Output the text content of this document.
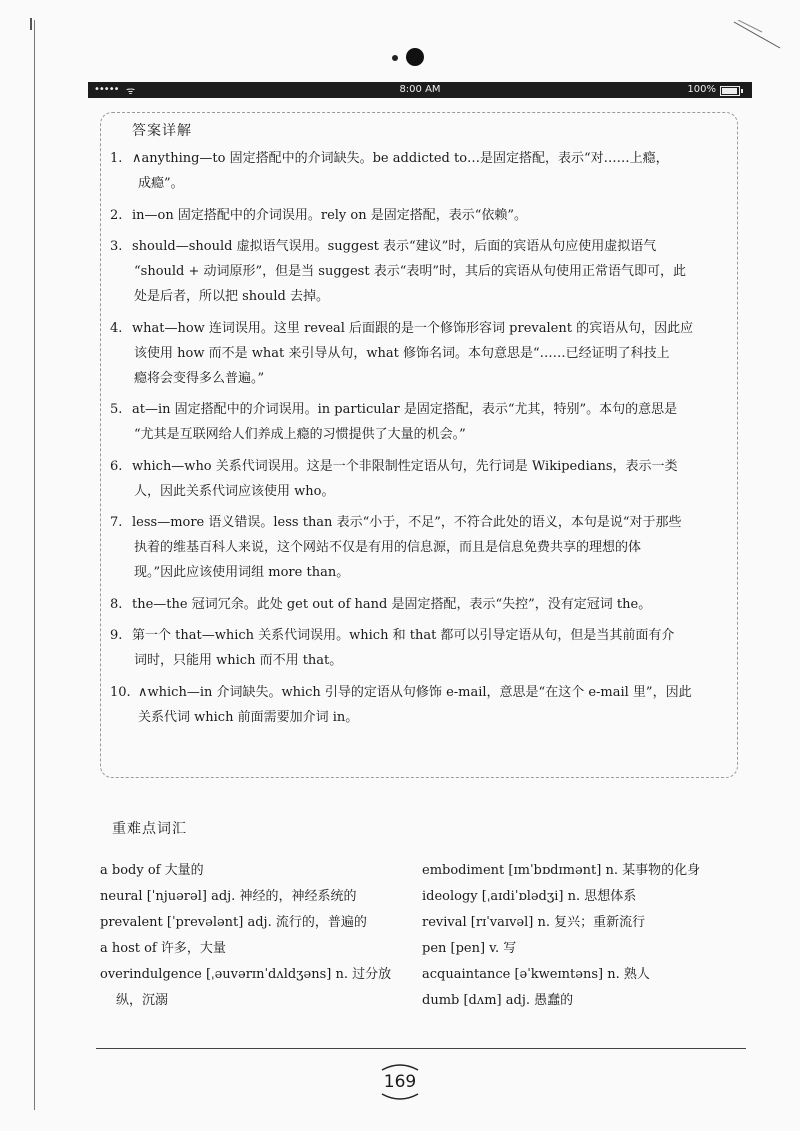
••••• ᯤ	8:00 AM	100%
答案详解
1. ∧anything—to 固定搭配中的介词缺失。be addicted to…是固定搭配，表示“对……上瘾，
成瘾”。
2. in—on 固定搭配中的介词误用。rely on 是固定搭配，表示“依赖”。
3. should—should 虚拟语气误用。suggest 表示“建议”时，后面的宾语从句应使用虚拟语气
“should + 动词原形”，但是当 suggest 表示“表明”时，其后的宾语从句使用正常语气即可，此
处是后者，所以把 should 去掉。
4. what—how 连词误用。这里 reveal 后面跟的是一个修饰形容词 prevalent 的宾语从句，因此应
该使用 how 而不是 what 来引导从句，what 修饰名词。本句意思是“……已经证明了科技上
瘾将会变得多么普遍。”
5. at—in 固定搭配中的介词误用。in particular 是固定搭配，表示“尤其，特别”。本句的意思是
“尤其是互联网给人们养成上瘾的习惯提供了大量的机会。”
6. which—who 关系代词误用。这是一个非限制性定语从句，先行词是 Wikipedians，表示一类
人，因此关系代词应该使用 who。
7. less—more 语义错误。less than 表示“小于，不足”，不符合此处的语义，本句是说“对于那些
执着的维基百科人来说，这个网站不仅是有用的信息源，而且是信息免费共享的理想的体
现。”因此应该使用词组 more than。
8. the—the 冠词冗余。此处 get out of hand 是固定搭配，表示“失控”，没有定冠词 the。
9. 第一个 that—which 关系代词误用。which 和 that 都可以引导定语从句，但是当其前面有介
词时，只能用 which 而不用 that。
10. ∧which—in 介词缺失。which 引导的定语从句修饰 e-mail，意思是“在这个 e-mail 里”，因此
关系代词 which 前面需要加介词 in。
重难点词汇
a body of 大量的
neural [ˈnjuərəl] adj. 神经的，神经系统的
prevalent [ˈprevələnt] adj. 流行的，普遍的
a host of 许多，大量
overindulgence [ˌəuvərɪnˈdʌldʒəns] n. 过分放
纵，沉溺
embodiment [ɪmˈbɒdɪmənt] n. 某事物的化身
ideology [ˌaɪdiˈɒlədʒi] n. 思想体系
revival [rɪˈvaɪvəl] n. 复兴；重新流行
pen [pen] v. 写
acquaintance [əˈkweɪntəns] n. 熟人
dumb [dʌm] adj. 愚蠢的
169
